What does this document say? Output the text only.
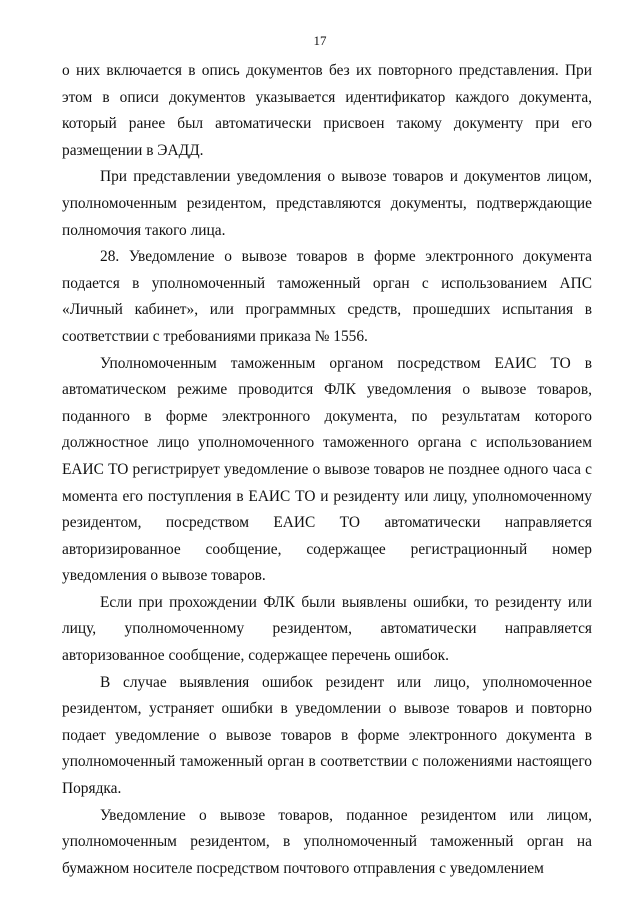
17

о них включается в опись документов без их повторного представления. При этом в описи документов указывается идентификатор каждого документа, который ранее был автоматически присвоен такому документу при его размещении в ЭАДД.

При представлении уведомления о вывозе товаров и документов лицом, уполномоченным резидентом, представляются документы, подтверждающие полномочия такого лица.

28. Уведомление о вывозе товаров в форме электронного документа подается в уполномоченный таможенный орган с использованием АПС «Личный кабинет», или программных средств, прошедших испытания в соответствии с требованиями приказа № 1556.

Уполномоченным таможенным органом посредством ЕАИС ТО в автоматическом режиме проводится ФЛК уведомления о вывозе товаров, поданного в форме электронного документа, по результатам которого должностное лицо уполномоченного таможенного органа с использованием ЕАИС ТО регистрирует уведомление о вывозе товаров не позднее одного часа с момента его поступления в ЕАИС ТО и резиденту или лицу, уполномоченному резидентом, посредством ЕАИС ТО автоматически направляется авторизированное сообщение, содержащее регистрационный номер уведомления о вывозе товаров.

Если при прохождении ФЛК были выявлены ошибки, то резиденту или лицу, уполномоченному резидентом, автоматически направляется авторизованное сообщение, содержащее перечень ошибок.

В случае выявления ошибок резидент или лицо, уполномоченное резидентом, устраняет ошибки в уведомлении о вывозе товаров и повторно подает уведомление о вывозе товаров в форме электронного документа в уполномоченный таможенный орган в соответствии с положениями настоящего Порядка.

Уведомление о вывозе товаров, поданное резидентом или лицом, уполномоченным резидентом, в уполномоченный таможенный орган на бумажном носителе посредством почтового отправления с уведомлением
